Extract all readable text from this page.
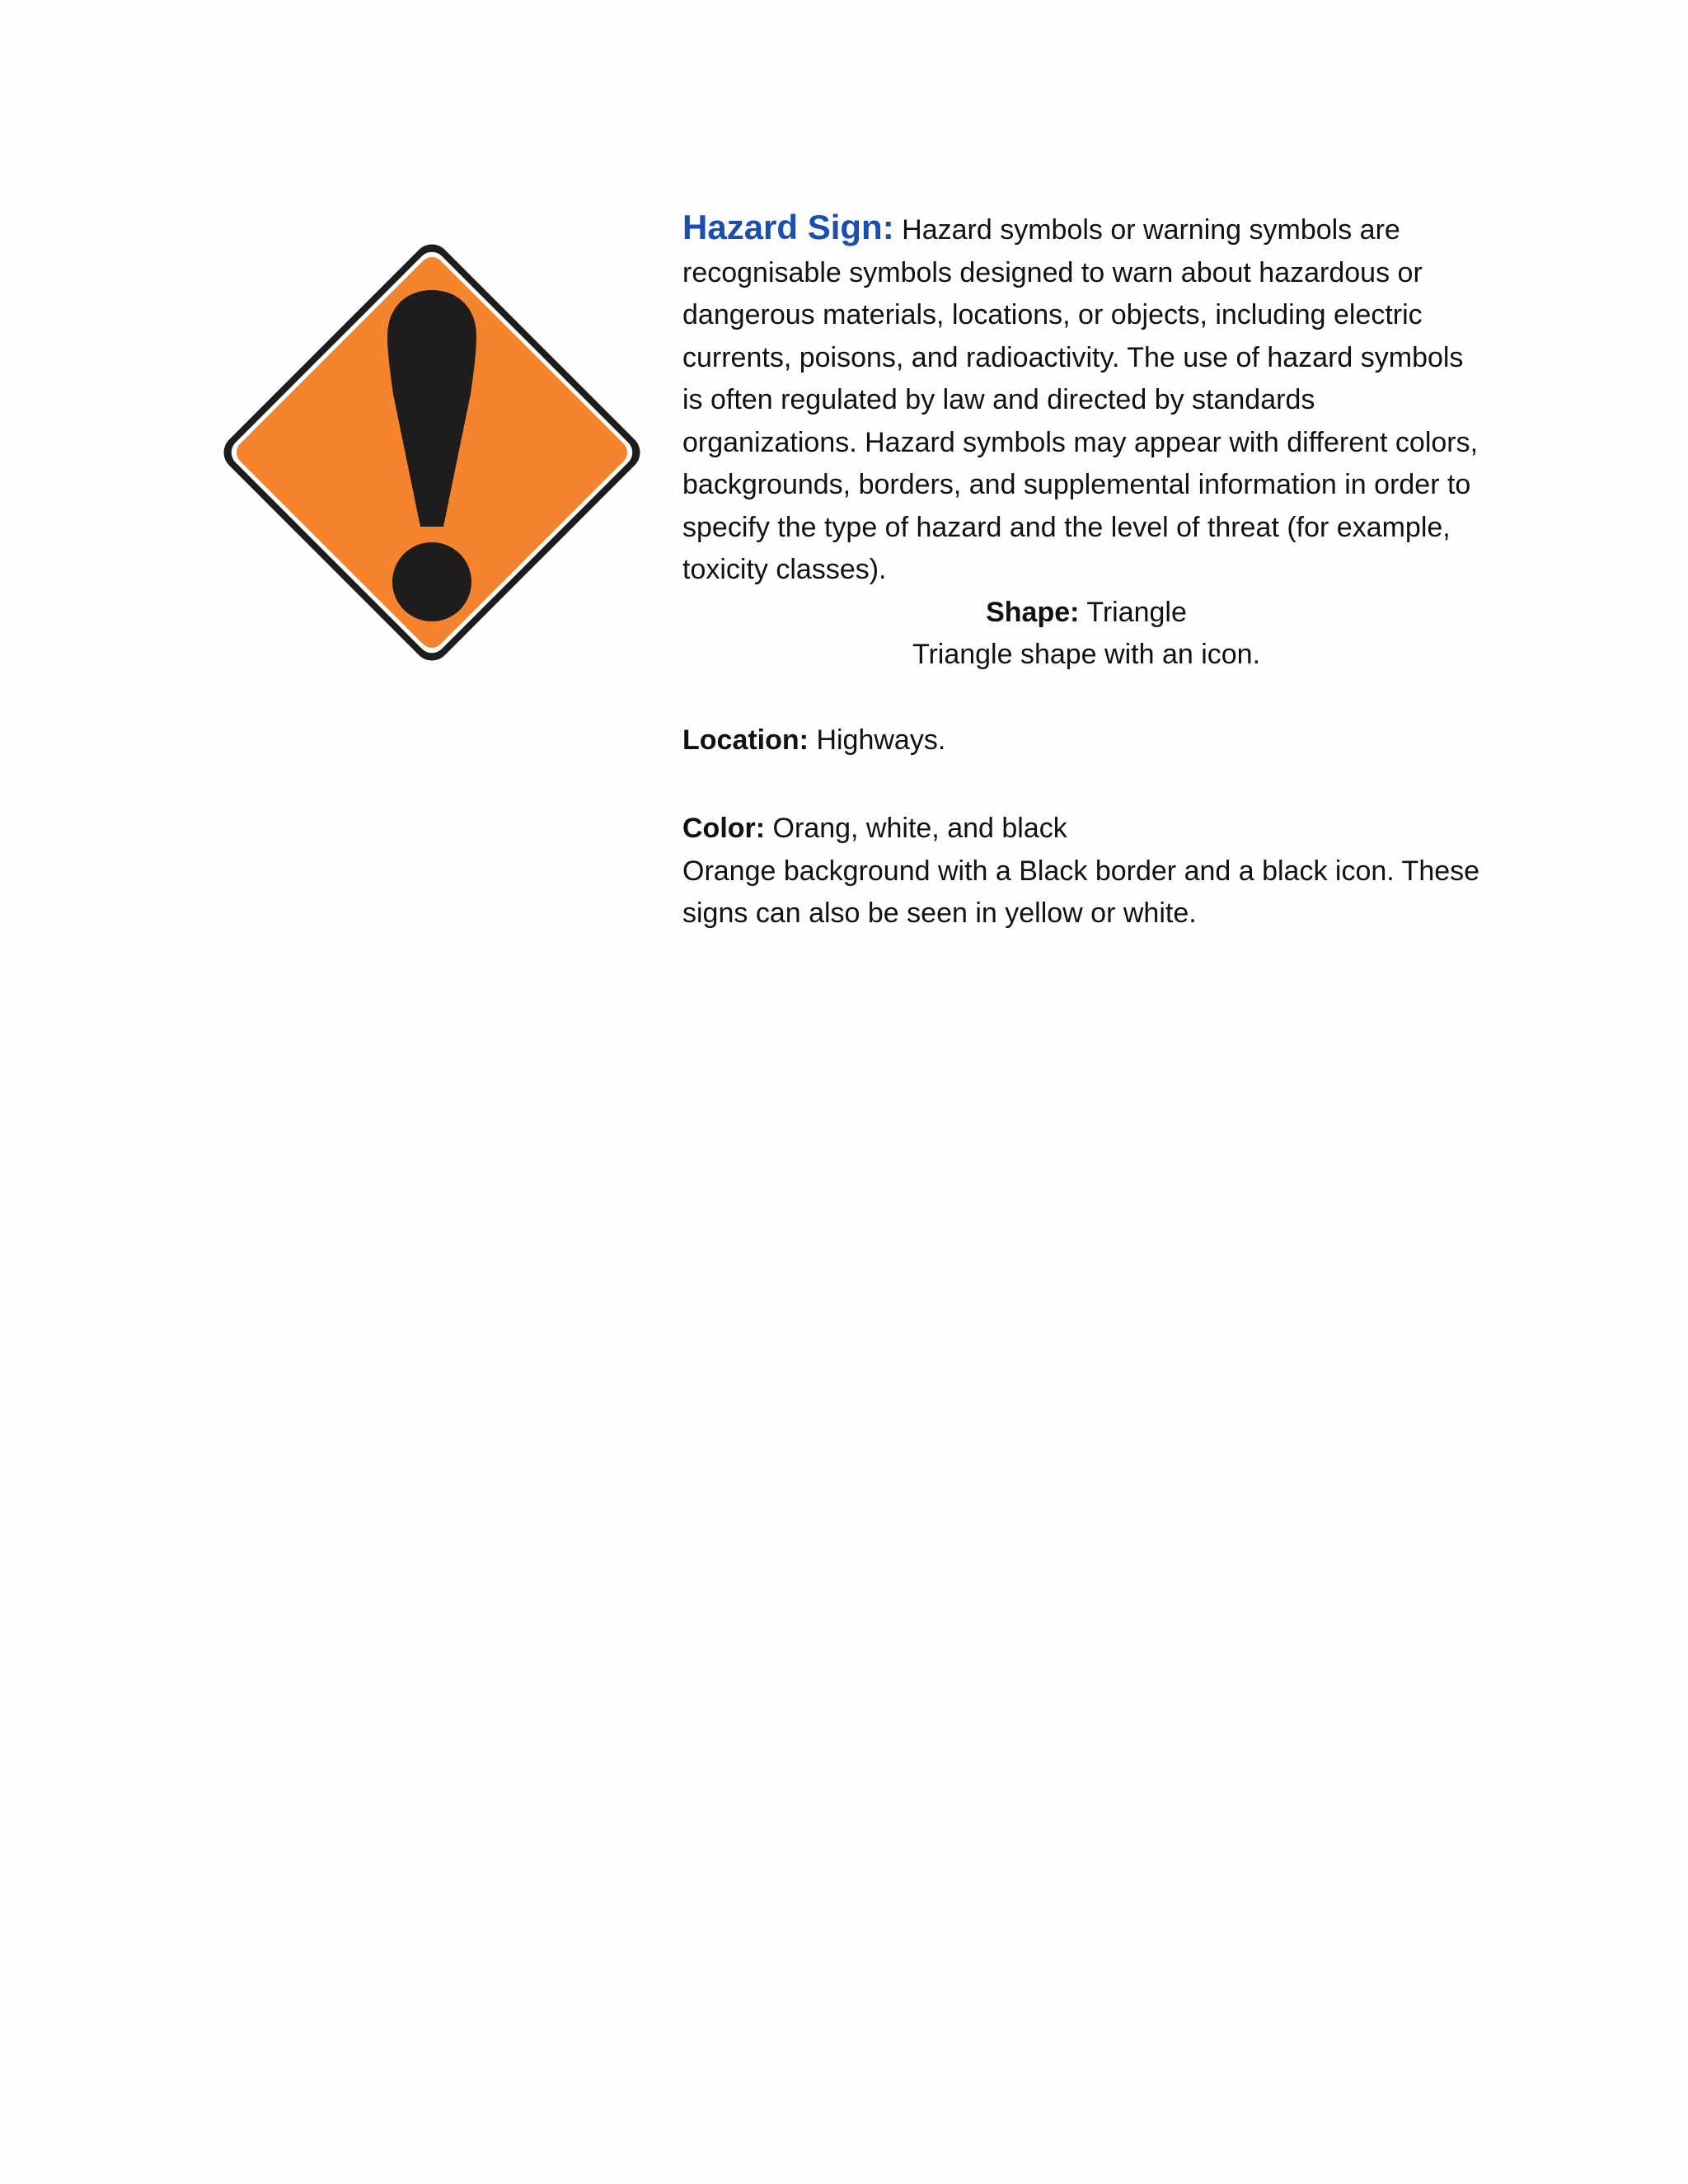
Hazard Sign: Hazard symbols or warning symbols are recognisable symbols designed to warn about hazardous or dangerous materials, locations, or objects, including electric currents, poisons, and radioactivity. The use of hazard symbols is often regulated by law and directed by standards organizations. Hazard symbols may appear with different colors, backgrounds, borders, and supplemental information in order to specify the type of hazard and the level of threat (for example, toxicity classes).

Shape: Triangle

Triangle shape with an icon.

Location: Highways.

Color: Orang, white, and black

Orange background with a Black border and a black icon. These signs can also be seen in yellow or white.
